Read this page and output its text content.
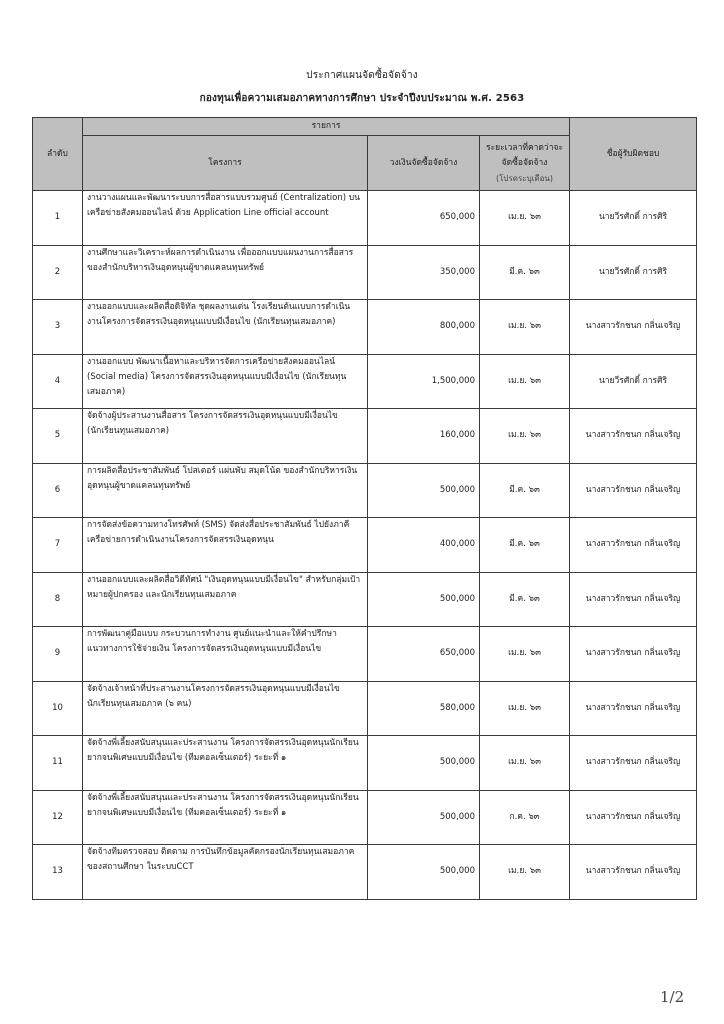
ประกาศแผนจัดซื้อจัดจ้าง
กองทุนเพื่อความเสมอภาคทางการศึกษา ประจำปีงบประมาณ พ.ศ. 2563
ลำดับ	รายการ			ชื่อผู้รับผิดชอบ
	โครงการ	วงเงินจัดซื้อจัดจ้าง	ระยะเวลาที่คาดว่าจะจัดซื้อจัดจ้าง
(โปรดระบุเดือน)	

1	งานวางแผนและพัฒนาระบบการสื่อสารแบบรวมศูนย์ (Centralization) บนเครือข่ายสังคมออนไลน์ ด้วย Application Line official account	650,000	เม.ย. ๖๓	นายวีรศักดิ์ การศิริ
2	งานศึกษาและวิเคราะห์ผลการดำเนินงาน เพื่อออกแบบแผนงานการสื่อสารของสำนักบริหารเงินอุดหนุนผู้ขาดแคลนทุนทรัพย์	350,000	มี.ค. ๖๓	นายวีรศักดิ์ การศิริ
3	งานออกแบบและผลิตสื่อดิจิทัล ชุดผลงานเด่น โรงเรียนต้นแบบการดำเนินงานโครงการจัดสรรเงินอุดหนุนแบบมีเงื่อนไข (นักเรียนทุนเสมอภาค)	800,000	เม.ย. ๖๓	นางสาวรักชนก กลิ่นเจริญ
4	งานออกแบบ พัฒนาเนื้อหาและบริหารจัดการเครือข่ายสังคมออนไลน์ (Social media) โครงการจัดสรรเงินอุดหนุนแบบมีเงื่อนไข (นักเรียนทุนเสมอภาค)	1,500,000	เม.ย. ๖๓	นายวีรศักดิ์ การศิริ
5	จัดจ้างผู้ประสานงานสื่อสาร โครงการจัดสรรเงินอุดหนุนแบบมีเงื่อนไข (นักเรียนทุนเสมอภาค)	160,000	เม.ย. ๖๓	นางสาวรักชนก กลิ่นเจริญ
6	การผลิตสื่อประชาสัมพันธ์ โปสเตอร์ แผ่นพับ สมุดโน้ต ของสำนักบริหารเงินอุดหนุนผู้ขาดแคลนทุนทรัพย์	500,000	มี.ค. ๖๓	นางสาวรักชนก กลิ่นเจริญ
7	การจัดส่งข้อความทางโทรศัพท์ (SMS) จัดส่งสื่อประชาสัมพันธ์ ไปยังภาคีเครือข่ายการดำเนินงานโครงการจัดสรรเงินอุดหนุน	400,000	มี.ค. ๖๓	นางสาวรักชนก กลิ่นเจริญ
8	งานออกแบบและผลิตสื่อวิดีทัศน์ "เงินอุดหนุนแบบมีเงื่อนไข" สำหรับกลุ่มเป้าหมายผู้ปกครอง และนักเรียนทุนเสมอภาค	500,000	มี.ค. ๖๓	นางสาวรักชนก กลิ่นเจริญ
9	การพัฒนาคู่มือแบบ กระบวนการทำงาน ศูนย์แนะนำและให้คำปรึกษาแนวทางการใช้จ่ายเงิน โครงการจัดสรรเงินอุดหนุนแบบมีเงื่อนไข	650,000	เม.ย. ๖๓	นางสาวรักชนก กลิ่นเจริญ
10	จัดจ้างเจ้าหน้าที่ประสานงานโครงการจัดสรรเงินอุดหนุนแบบมีเงื่อนไขนักเรียนทุนเสมอภาค (๖ คน)	580,000	เม.ย. ๖๓	นางสาวรักชนก กลิ่นเจริญ
11	จัดจ้างพี่เลี้ยงสนับสนุนและประสานงาน โครงการจัดสรรเงินอุดหนุนนักเรียนยากจนพิเศษแบบมีเงื่อนไข (ทีมคอลเซ็นเตอร์) ระยะที่ ๑	500,000	เม.ย. ๖๓	นางสาวรักชนก กลิ่นเจริญ
12	จัดจ้างพี่เลี้ยงสนับสนุนและประสานงาน โครงการจัดสรรเงินอุดหนุนนักเรียนยากจนพิเศษแบบมีเงื่อนไข (ทีมคอลเซ็นเตอร์) ระยะที่ ๑	500,000	ก.ค. ๖๓	นางสาวรักชนก กลิ่นเจริญ
13	จัดจ้างทีมตรวจสอบ ติดตาม การบันทึกข้อมูลคัดกรองนักเรียนทุนเสมอภาคของสถานศึกษา ในระบบCCT	500,000	เม.ย. ๖๓	นางสาวรักชนก กลิ่นเจริญ
1/2
